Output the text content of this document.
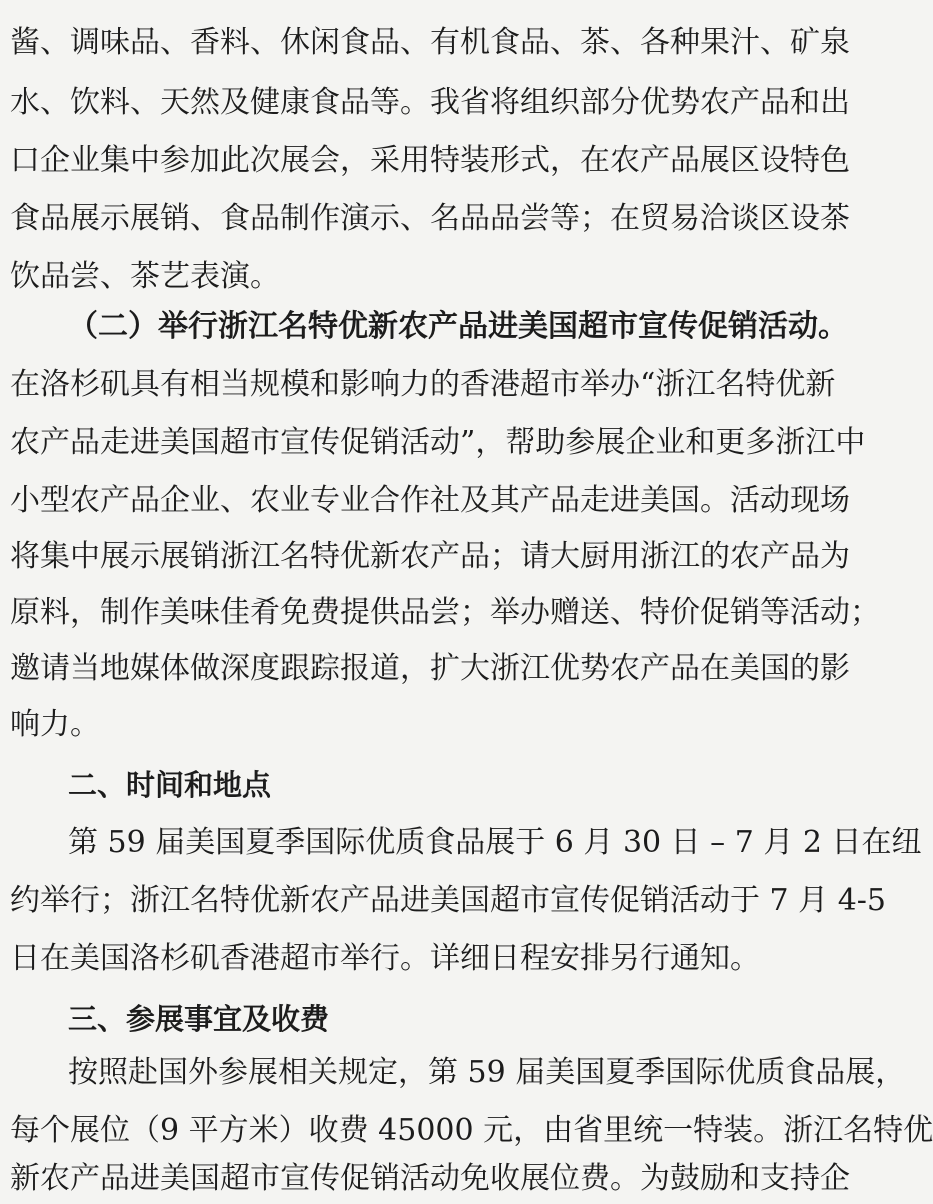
酱、调味品、香料、休闲食品、有机食品、茶、各种果汁、矿泉
水、饮料、天然及健康食品等。我省将组织部分优势农产品和出
口企业集中参加此次展会，采用特装形式，在农产品展区设特色
食品展示展销、食品制作演示、名品品尝等；在贸易洽谈区设茶
饮品尝、茶艺表演。
（二）举行浙江名特优新农产品进美国超市宣传促销活动。
在洛杉矶具有相当规模和影响力的香港超市举办“浙江名特优新
农产品走进美国超市宣传促销活动”，帮助参展企业和更多浙江中
小型农产品企业、农业专业合作社及其产品走进美国。活动现场
将集中展示展销浙江名特优新农产品；请大厨用浙江的农产品为
原料，制作美味佳肴免费提供品尝；举办赠送、特价促销等活动；
邀请当地媒体做深度跟踪报道，扩大浙江优势农产品在美国的影
响力。
二、时间和地点
第 59 届美国夏季国际优质食品展于 6 月 30 日 – 7 月 2 日在纽
约举行；浙江名特优新农产品进美国超市宣传促销活动于 7 月 4-5
日在美国洛杉矶香港超市举行。详细日程安排另行通知。
三、参展事宜及收费
按照赴国外参展相关规定，第 59 届美国夏季国际优质食品展，
每个展位（9 平方米）收费 45000 元，由省里统一特装。浙江名特优
新农产品进美国超市宣传促销活动免收展位费。为鼓励和支持企
